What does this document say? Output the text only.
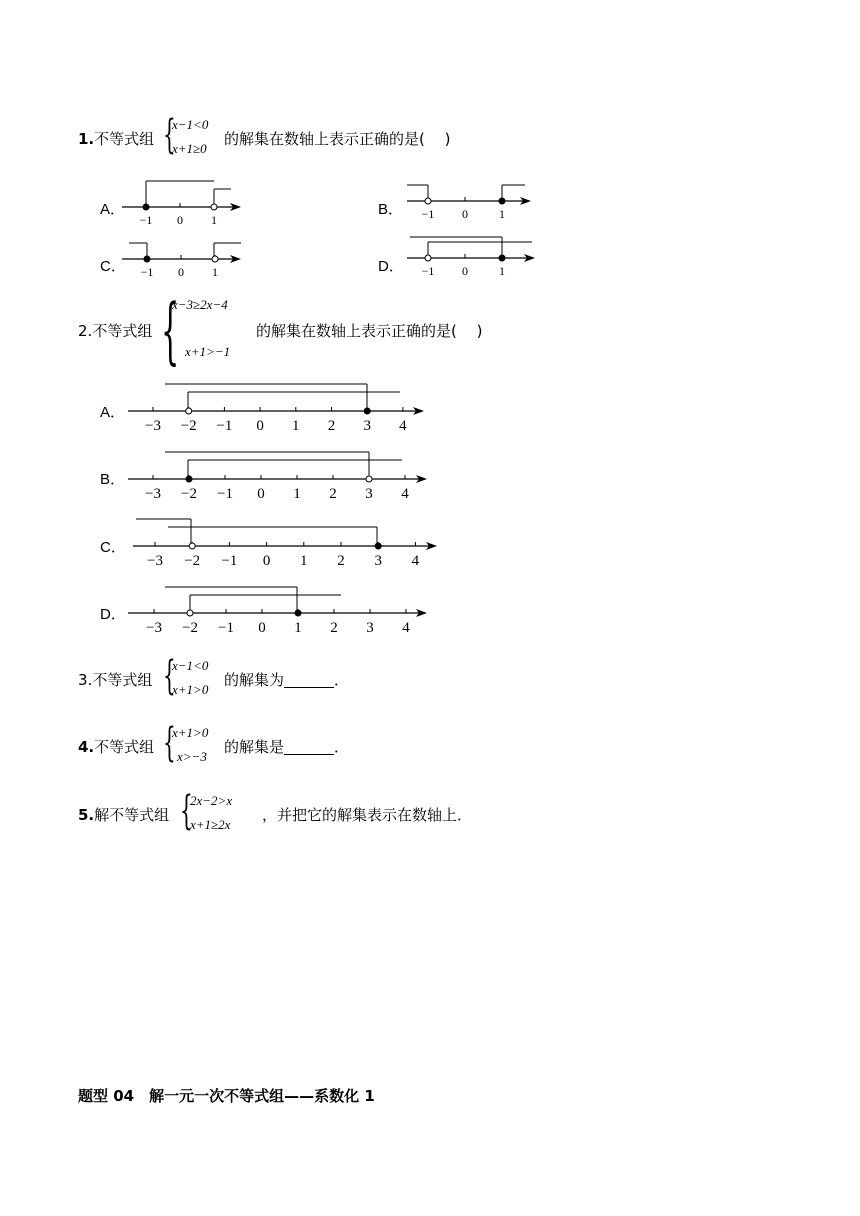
1.不等式组 {
x−1<0
x+1≥0
的解集在数轴上表示正确的是(　 )
A．	B．
C．	D．
2.不等式组 {
x−3≥2x−4
x+1>−1
的解集在数轴上表示正确的是(　 )
A．
B．
C．
D．
3.不等式组 {
x−1<0
x+1>0
的解集为	．
4.不等式组 {
x+1>0
x>−3
的解集是	．
5.解不等式组 {
2x−2>x
x+1≥2x
，并把它的解集表示在数轴上．
题型 04　解一元一次不等式组——系数化 1
−1 0 1	−1 0	1
−1 0 1	−1 0	1
−3 −2 −1 0 1 2 3 4
−3 −2 −1 0 1 2 3 4
−3 −2 −1 0 1 2 3 4
−3 −2 −1 0 1 2 3 4
